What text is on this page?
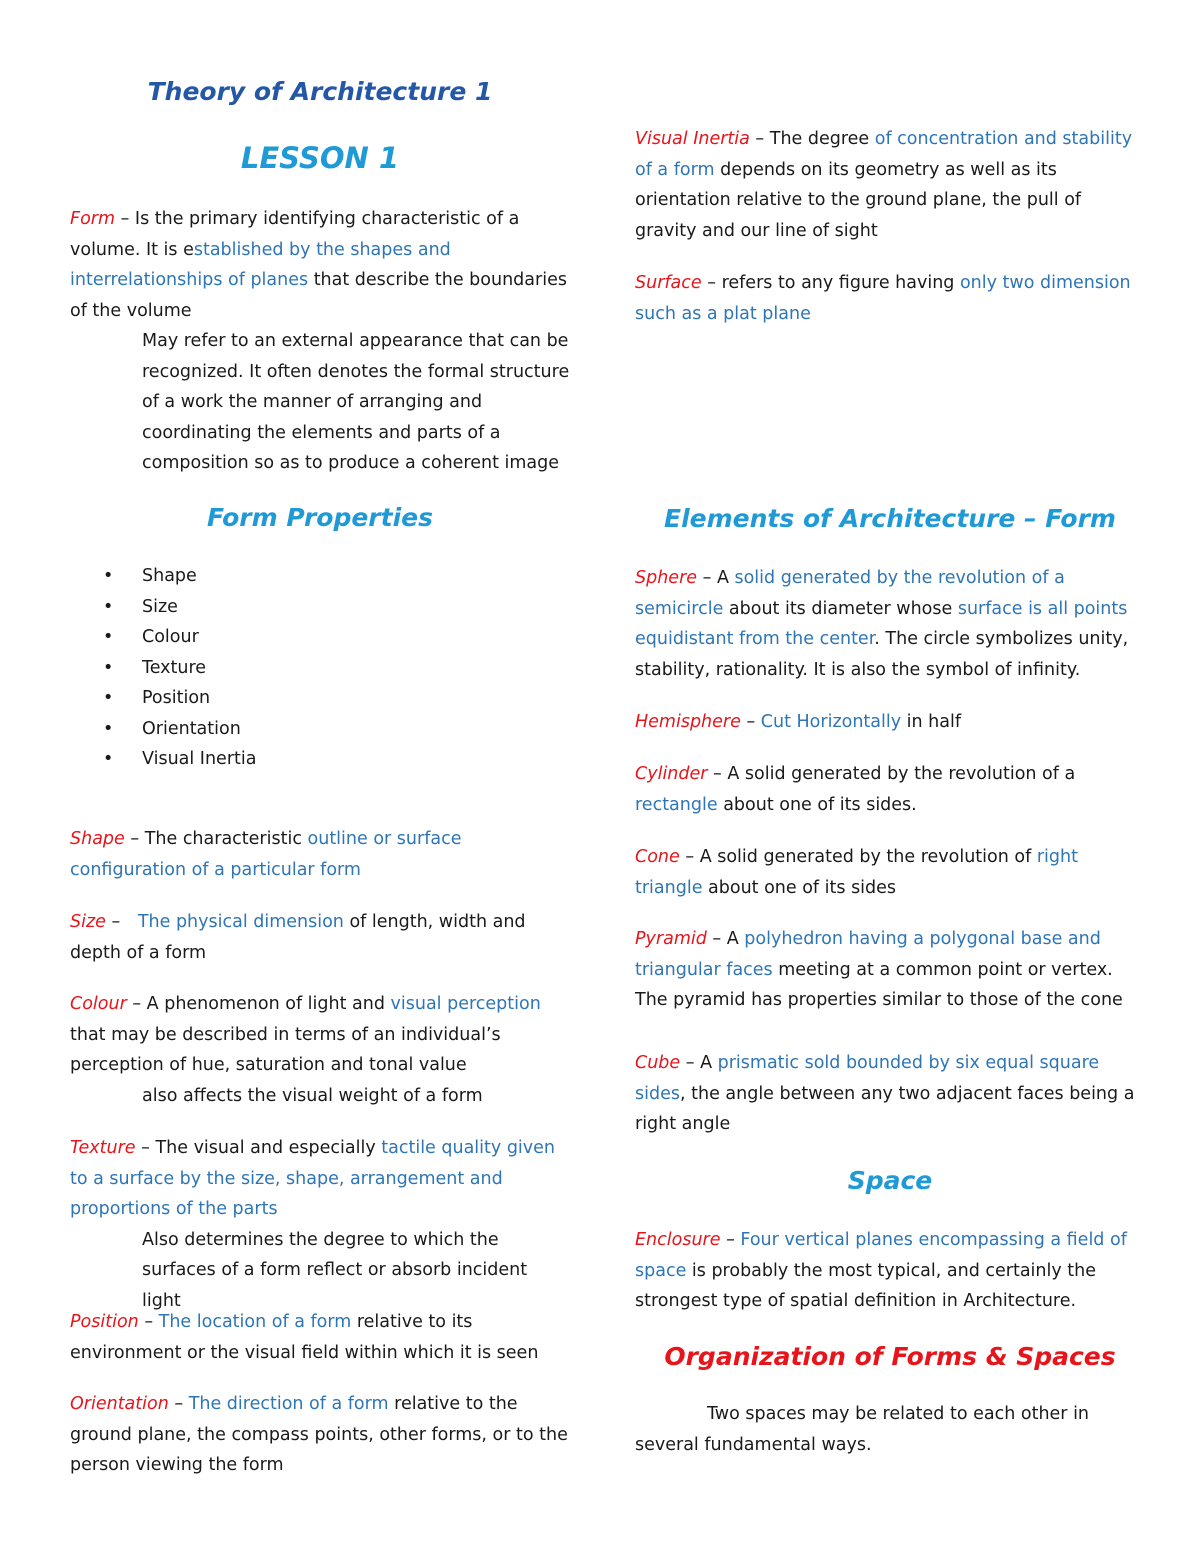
Theory of Architecture 1
LESSON 1

Form – Is the primary identifying characteristic of a volume. It is established by the shapes and interrelationships of planes that describe the boundaries of the volume

May refer to an external appearance that can be recognized. It often denotes the formal structure of a work the manner of arranging and coordinating the elements and parts of a composition so as to produce a coherent image

Form Properties
• Shape
• Size
• Colour
• Texture
• Position
• Orientation
• Visual Inertia

Shape – The characteristic outline or surface configuration of a particular form

Size – The physical dimension of length, width and depth of a form

Colour – A phenomenon of light and visual perception that may be described in terms of an individual’s perception of hue, saturation and tonal value

also affects the visual weight of a form

Texture – The visual and especially tactile quality given to a surface by the size, shape, arrangement and proportions of the parts

Also determines the degree to which the surfaces of a form reflect or absorb incident light

Position – The location of a form relative to its environment or the visual field within which it is seen

Orientation – The direction of a form relative to the ground plane, the compass points, other forms, or to the person viewing the form

Visual Inertia – The degree of concentration and stability of a form depends on its geometry as well as its orientation relative to the ground plane, the pull of gravity and our line of sight

Surface – refers to any figure having only two dimension such as a plat plane

Elements of Architecture – Form

Sphere – A solid generated by the revolution of a semicircle about its diameter whose surface is all points equidistant from the center. The circle symbolizes unity, stability, rationality. It is also the symbol of infinity.

Hemisphere – Cut Horizontally in half

Cylinder – A solid generated by the revolution of a rectangle about one of its sides.

Cone – A solid generated by the revolution of right triangle about one of its sides

Pyramid – A polyhedron having a polygonal base and triangular faces meeting at a common point or vertex. The pyramid has properties similar to those of the cone

Cube – A prismatic sold bounded by six equal square sides, the angle between any two adjacent faces being a right angle

Space

Enclosure – Four vertical planes encompassing a field of space is probably the most typical, and certainly the strongest type of spatial definition in Architecture.

Organization of Forms & Spaces

Two spaces may be related to each other in several fundamental ways.
